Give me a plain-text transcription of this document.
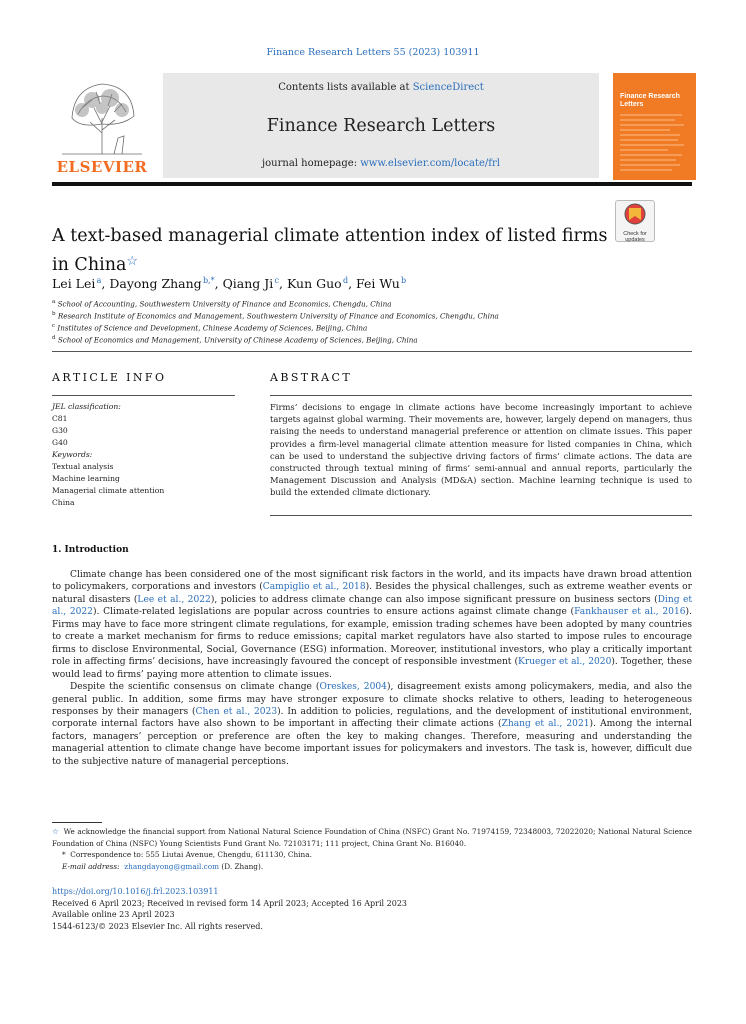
Finance Research Letters 55 (2023) 103911
ELSEVIER
Contents lists available at ScienceDirect
Finance Research Letters
journal homepage: www.elsevier.com/locate/frl
Finance Research Letters
A text-based managerial climate attention index of listed firms in China☆
Check for updates
Lei Lei $^a$, Dayong Zhang $^{b,*}$, Qiang Ji $^c$, Kun Guo $^d$, Fei Wu $^b$
$^a$ School of Accounting, Southwestern University of Finance and Economics, Chengdu, China
$^b$ Research Institute of Economics and Management, Southwestern University of Finance and Economics, Chengdu, China
$^c$ Institutes of Science and Development, Chinese Academy of Sciences, Beijing, China
$^d$ School of Economics and Management, University of Chinese Academy of Sciences, Beijing, China
ARTICLE INFO	ABSTRACT
JEL classification:
C81
G30
G40
Keywords:
Textual analysis
Machine learning
Managerial climate attention
China
Firms’ decisions to engage in climate actions have become increasingly important to achieve targets against global warming. Their movements are, however, largely depend on managers, thus raising the needs to understand managerial preference or attention on climate issues. This paper provides a firm-level managerial climate attention measure for listed companies in China, which can be used to understand the subjective driving factors of firms’ climate actions. The data are constructed through textual mining of firms’ semi-annual and annual reports, particularly the Management Discussion and Analysis (MD&A) section. Machine learning technique is used to build the extended climate dictionary.
1. Introduction

Climate change has been considered one of the most significant risk factors in the world, and its impacts have drawn broad attention to policymakers, corporations and investors (Campiglio et al., 2018). Besides the physical challenges, such as extreme weather events or natural disasters (Lee et al., 2022), policies to address climate change can also impose significant pressure on business sectors (Ding et al., 2022). Climate-related legislations are popular across countries to ensure actions against climate change (Fankhauser et al., 2016). Firms may have to face more stringent climate regulations, for example, emission trading schemes have been adopted by many countries to create a market mechanism for firms to reduce emissions; capital market regulators have also started to impose rules to encourage firms to disclose Environmental, Social, Governance (ESG) information. Moreover, institutional investors, who play a critically important role in affecting firms’ decisions, have increasingly favoured the concept of responsible investment (Krueger et al., 2020). Together, these would lead to firms’ paying more attention to climate issues.

Despite the scientific consensus on climate change (Oreskes, 2004), disagreement exists among policymakers, media, and also the general public. In addition, some firms may have stronger exposure to climate shocks relative to others, leading to heterogeneous responses by their managers (Chen et al., 2023). In addition to policies, regulations, and the development of institutional environment, corporate internal factors have also shown to be important in affecting their climate actions (Zhang et al., 2021). Among the internal factors, managers’ perception or preference are often the key to making changes. Therefore, measuring and understanding the managerial attention to climate change have become important issues for policymakers and investors. The task is, however, difficult due to the subjective nature of managerial perceptions.

☆ We acknowledge the financial support from National Natural Science Foundation of China (NSFC) Grant No. 71974159, 72348003, 72022020; National Natural Science Foundation of China (NSFC) Young Scientists Fund Grant No. 72103171; 111 project, China Grant No. B16040.

* Correspondence to: 555 Liutai Avenue, Chengdu, 611130, China.

E-mail address: zhangdayong@gmail.com (D. Zhang).

https://doi.org/10.1016/j.frl.2023.103911

Received 6 April 2023; Received in revised form 14 April 2023; Accepted 16 April 2023

Available online 23 April 2023

1544-6123/© 2023 Elsevier Inc. All rights reserved.
